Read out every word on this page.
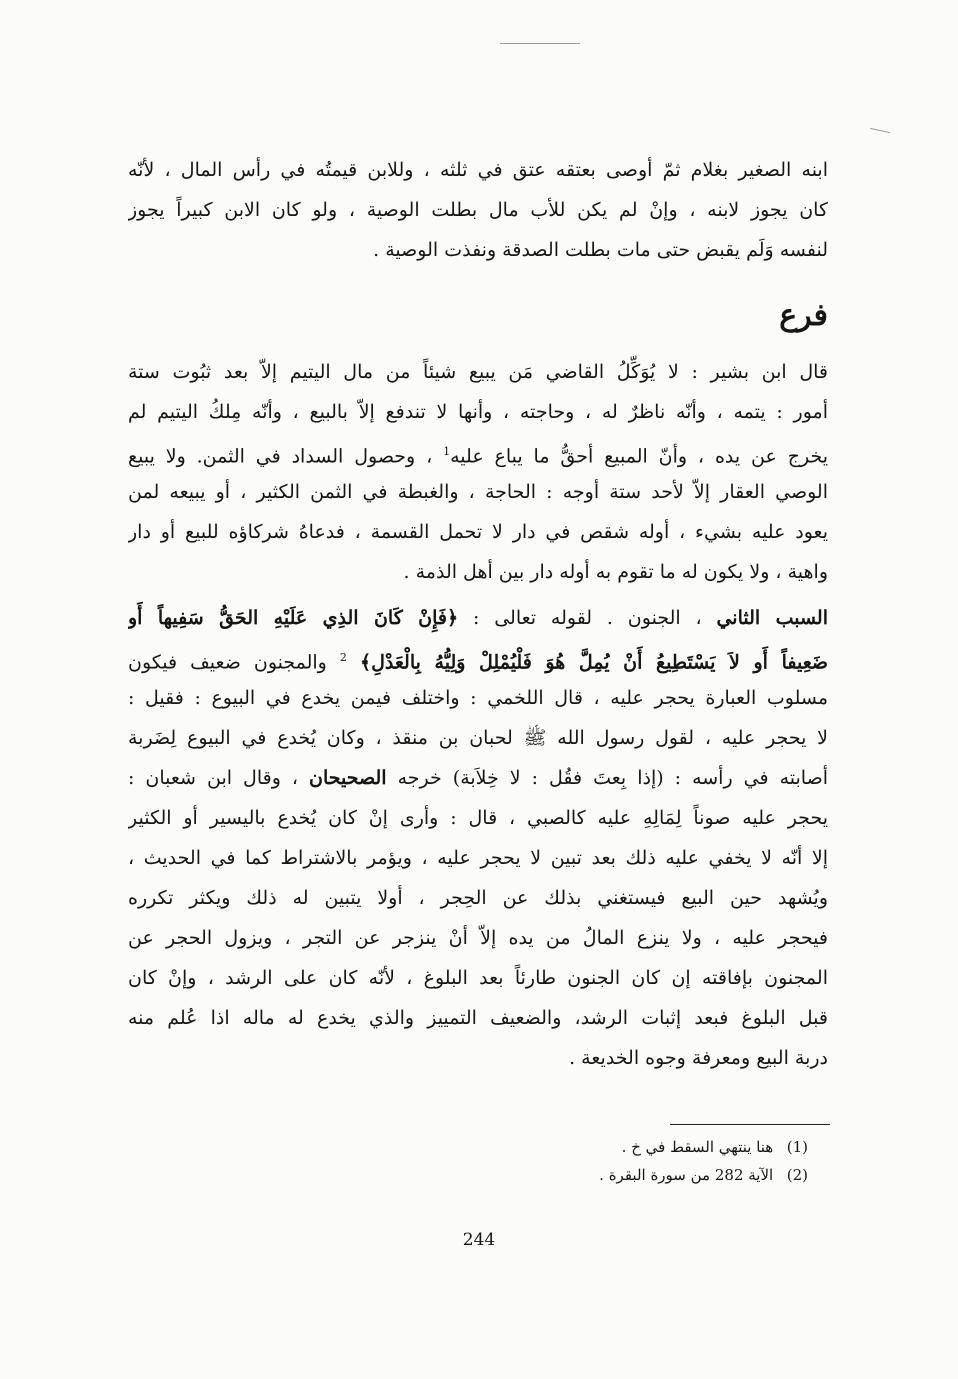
ابنه الصغير بغلام ثمّ أوصى بعتقه عتق في ثلثه ، وللابن قيمتُه في رأس المال ، لأنّه
كان يجوز لابنه ، وإنْ لم يكن للأب مال بطلت الوصية ، ولو كان الابن كبيراً يجوز
لنفسه وَلَم يقبض حتى مات بطلت الصدقة ونفذت الوصية .
فرع
قال ابن بشير : لا يُوَكِّلُ القاضي مَن يبيع شيئاً من مال اليتيم إلاّ بعد ثبُوت ستة
أمور : يتمه ، وأنّه ناظرٌ له ، وحاجته ، وأنها لا تندفع إلاّ بالبيع ، وأنّه مِلكُ اليتيم لم
يخرج عن يده ، وأنّ المبيع أحقُّ ما يباع عليه$^1$ ، وحصول السداد في الثمن. ولا يبيع
الوصي العقار إلاّ لأحد ستة أوجه : الحاجة ، والغبطة في الثمن الكثير ، أو يبيعه لمن
يعود عليه بشيء ، أوله شقص في دار لا تحمل القسمة ، فدعاهُ شركاؤه للبيع أو دار
واهية ، ولا يكون له ما تقوم به أوله دار بين أهل الذمة .
السبب الثاني ، الجنون . لقوله تعالى : ﴿فَإِنْ كَانَ الذِي عَلَيْهِ الحَقُّ سَفِيهاً أَو
ضَعِيفاً أَو لاَ يَسْتَطِيعُ أَنْ يُمِلَّ هُوَ فَلْيُمْلِلْ وَلِيُّهُ بِالْعَدْلِ﴾ $^2$ والمجنون ضعيف فيكون
مسلوب العبارة يحجر عليه ، قال اللخمي : واختلف فيمن يخدع في البيوع : فقيل :
لا يحجر عليه ، لقول رسول الله ﷺ لحبان بن منقذ ، وكان يُخدع في البيوع لِضَربة
أصابته في رأسه : (إذا بِعتَ فقُل : لا خِلاَبة) خرجه الصحيحان ، وقال ابن شعبان :
يحجر عليه صوناً لِمَالِهِ عليه كالصبي ، قال : وأرى إنْ كان يُخدع باليسير أو الكثير
إلا أنّه لا يخفي عليه ذلك بعد تبين لا يحجر عليه ، ويؤمر بالاشتراط كما في الحديث ،
ويُشهد حين البيع فيستغني بذلك عن الحِجر ، أولا يتبين له ذلك ويكثر تكرره
فيحجر عليه ، ولا ينزع المالُ من يده إلاّ أنْ ينزجر عن التجر ، ويزول الحجر عن
المجنون بإفاقته إن كان الجنون طارئاً بعد البلوغ ، لأنّه كان على الرشد ، وإنْ كان
قبل البلوغ فبعد إثبات الرشد، والضعيف التمييز والذي يخدع له ماله اذا عُلم منه
دربة البيع ومعرفة وجوه الخديعة .
(1) هنا ينتهي السقط في خ .
(2) الآية 282 من سورة البقرة .
244
